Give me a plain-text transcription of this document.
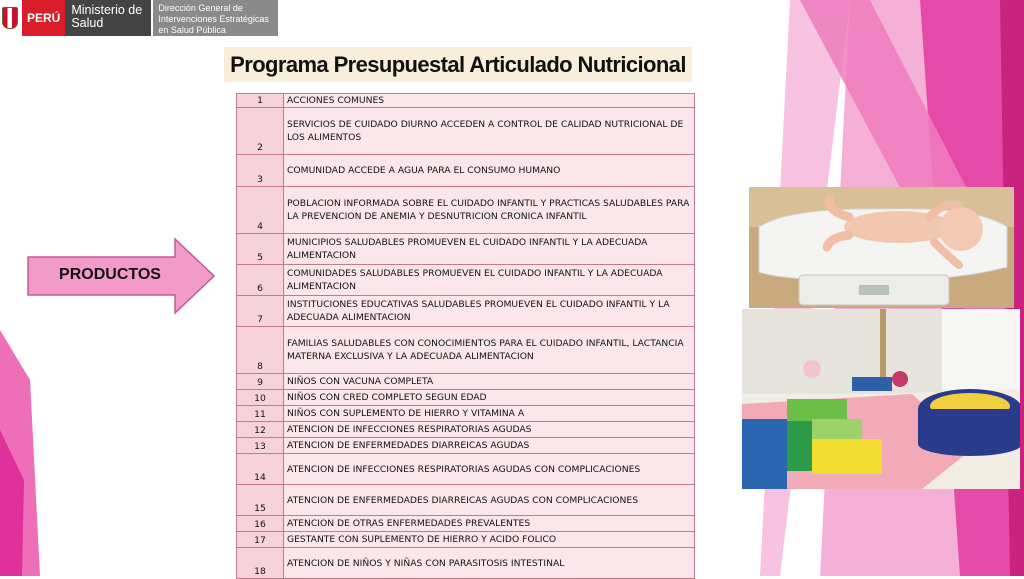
PERÚ
Ministerio de Salud
Dirección General de Intervenciones Estratégicas en Salud Pública
Programa Presupuestal Articulado Nutricional
PRODUCTOS
1	ACCIONES COMUNES
2	SERVICIOS DE CUIDADO DIURNO ACCEDEN A CONTROL DE CALIDAD NUTRICIONAL DE LOS ALIMENTOS
3	COMUNIDAD ACCEDE A AGUA PARA EL CONSUMO HUMANO
4	POBLACION INFORMADA SOBRE EL CUIDADO INFANTIL Y PRACTICAS SALUDABLES PARA LA PREVENCION DE ANEMIA Y DESNUTRICION CRONICA INFANTIL
5	MUNICIPIOS SALUDABLES PROMUEVEN EL CUIDADO INFANTIL Y LA ADECUADA ALIMENTACION
6	COMUNIDADES SALUDABLES PROMUEVEN EL CUIDADO INFANTIL Y LA ADECUADA ALIMENTACION
7	INSTITUCIONES EDUCATIVAS SALUDABLES PROMUEVEN EL CUIDADO INFANTIL Y LA ADECUADA ALIMENTACION
8	FAMILIAS SALUDABLES CON CONOCIMIENTOS PARA EL CUIDADO INFANTIL, LACTANCIA MATERNA EXCLUSIVA Y LA ADECUADA ALIMENTACION
9	NIÑOS CON VACUNA COMPLETA
10	NIÑOS CON CRED COMPLETO SEGUN EDAD
11	NIÑOS CON SUPLEMENTO DE HIERRO Y VITAMINA A
12	ATENCION DE INFECCIONES RESPIRATORIAS AGUDAS
13	ATENCION DE ENFERMEDADES DIARREICAS AGUDAS
14	ATENCION DE INFECCIONES RESPIRATORIAS AGUDAS CON COMPLICACIONES
15	ATENCION DE ENFERMEDADES DIARREICAS AGUDAS CON COMPLICACIONES
16	ATENCION DE OTRAS ENFERMEDADES PREVALENTES
17	GESTANTE CON SUPLEMENTO DE HIERRO Y ACIDO FOLICO
18	ATENCION DE NIÑOS Y NIÑAS CON PARASITOSIS INTESTINAL
